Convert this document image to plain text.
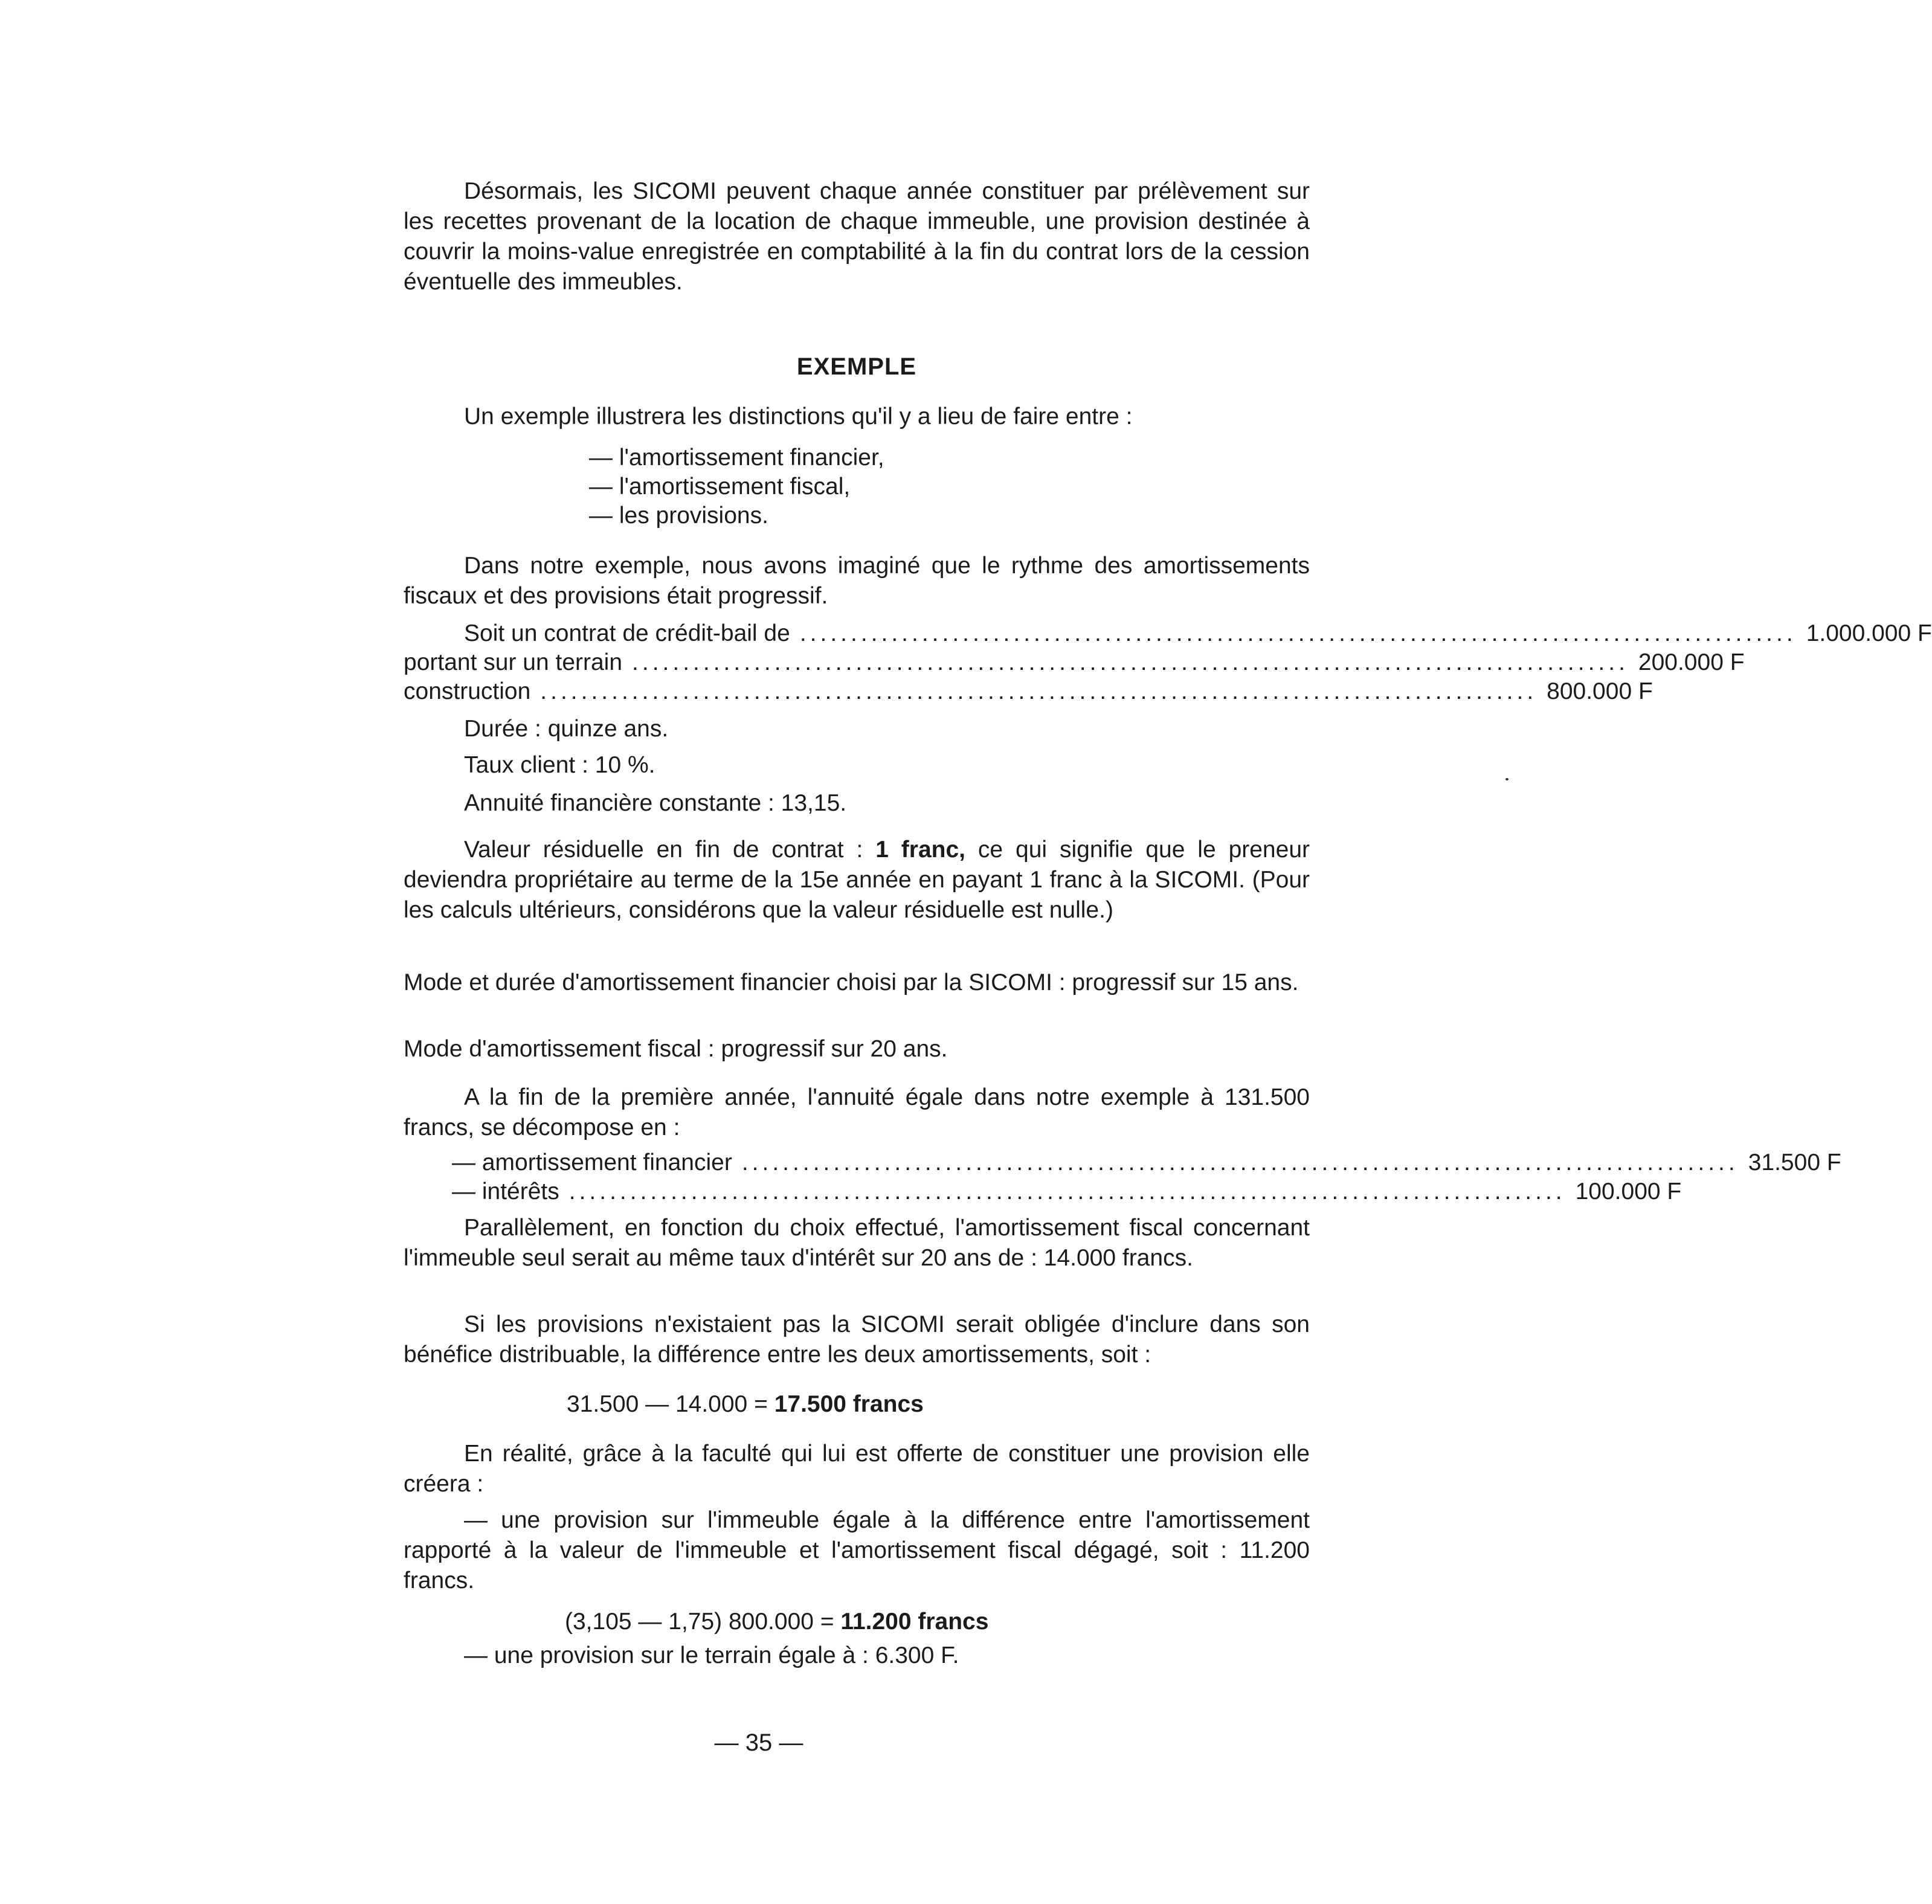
Désormais, les SICOMI peuvent chaque année constituer par prélèvement sur les recettes provenant de la location de chaque immeuble, une provision destinée à couvrir la moins-value enregistrée en comptabilité à la fin du contrat lors de la cession éventuelle des immeubles.

EXEMPLE

Un exemple illustrera les distinctions qu'il y a lieu de faire entre :

— l'amortissement financier,
— l'amortissement fiscal,
— les provisions.

Dans notre exemple, nous avons imaginé que le rythme des amortissements fiscaux et des provisions était progressif.

Soit un contrat de crédit-bail de .................................................................................................. 1.000.000 F
portant sur un terrain .................................................................................................. 200.000 F
construction .................................................................................................. 800.000 F
Durée : quinze ans.
Taux client : 10 %.
Annuité financière constante : 13,15.

Valeur résiduelle en fin de contrat : 1 franc, ce qui signifie que le preneur deviendra propriétaire au terme de la 15e année en payant 1 franc à la SICOMI. (Pour les calculs ultérieurs, considérons que la valeur résiduelle est nulle.)

Mode et durée d'amortissement financier choisi par la SICOMI : progressif sur 15 ans.

Mode d'amortissement fiscal : progressif sur 20 ans.

A la fin de la première année, l'annuité égale dans notre exemple à 131.500 francs, se décompose en :

— amortissement financier .................................................................................................. 31.500 F
— intérêts .................................................................................................. 100.000 F

Parallèlement, en fonction du choix effectué, l'amortissement fiscal concernant l'immeuble seul serait au même taux d'intérêt sur 20 ans de : 14.000 francs.

Si les provisions n'existaient pas la SICOMI serait obligée d'inclure dans son bénéfice distribuable, la différence entre les deux amortissements, soit :

31.500 — 14.000 = 17.500 francs

En réalité, grâce à la faculté qui lui est offerte de constituer une provision elle créera :

— une provision sur l'immeuble égale à la différence entre l'amortissement rapporté à la valeur de l'immeuble et l'amortissement fiscal dégagé, soit : 11.200 francs.

(3,105 — 1,75) 800.000 = 11.200 francs

— une provision sur le terrain égale à : 6.300 F.

— 35 —
